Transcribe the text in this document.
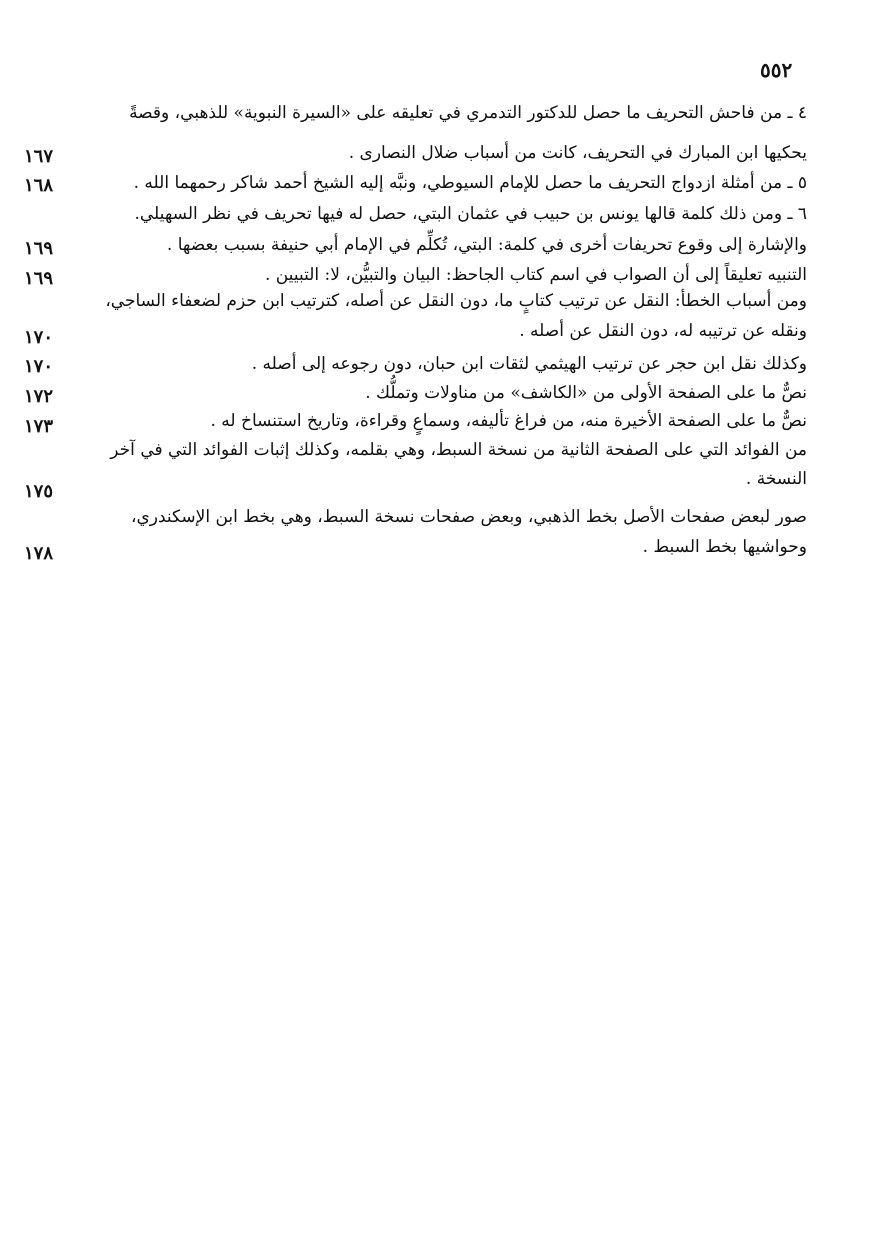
٥٥٢
٤ ـ من فاحش التحريف ما حصل للدكتور التدمري في تعليقه على «السيرة النبوية» للذهبي، وقصةً
يحكيها ابن المبارك في التحريف، كانت من أسباب ضلال النصارى .
١٦٧
٥ ـ من أمثلة ازدواج التحريف ما حصل للإمام السيوطي، ونبَّه إليه الشيخ أحمد شاكر رحمهما الله .
١٦٨
٦ ـ ومن ذلك كلمة قالها يونس بن حبيب في عثمان البتي، حصل له فيها تحريف في نظر السهيلي.
والإشارة إلى وقوع تحريفات أخرى في كلمة: البتي، تُكلِّم في الإمام أبي حنيفة بسبب بعضها .
١٦٩
التنبيه تعليقاً إلى أن الصواب في اسم كتاب الجاحظ: البيان والتبيُّن، لا: التبيين .
١٦٩
ومن أسباب الخطأ: النقل عن ترتيب كتابٍ ما، دون النقل عن أصله، كترتيب ابن حزم لضعفاء الساجي،
ونقله عن ترتيبه له، دون النقل عن أصله .
١٧٠
وكذلك نقل ابن حجر عن ترتيب الهيثمي لثقات ابن حبان، دون رجوعه إلى أصله .
١٧٠
نصٌّ ما على الصفحة الأولى من «الكاشف» من مناولات وتملُّك .
١٧٢
نصٌّ ما على الصفحة الأخيرة منه، من فراغ تأليفه، وسماعٍ وقراءة، وتاريخ استنساخ له .
١٧٣
من الفوائد التي على الصفحة الثانية من نسخة السبط، وهي بقلمه، وكذلك إثبات الفوائد التي في آخر
النسخة .
١٧٥
صور لبعض صفحات الأصل بخط الذهبي، وبعض صفحات نسخة السبط، وهي بخط ابن الإسكندري،
وحواشيها بخط السبط .
١٧٨
